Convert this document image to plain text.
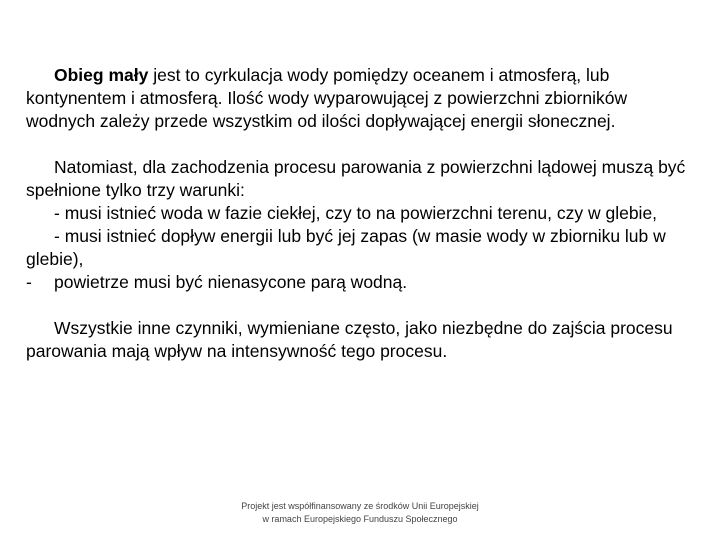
Obieg mały jest to cyrkulacja wody pomiędzy oceanem i atmosferą, lub kontynentem i atmosferą. Ilość wody wyparowującej z powierzchni zbiorników wodnych zależy przede wszystkim od ilości dopływającej energii słonecznej.

Natomiast, dla zachodzenia procesu parowania z powierzchni lądowej muszą być spełnione tylko trzy warunki:
- musi istnieć woda w fazie ciekłej, czy to na powierzchni terenu, czy w glebie,
- musi istnieć dopływ energii lub być jej zapas (w masie wody w zbiorniku lub w glebie),
- powietrze musi być nienasycone parą wodną.

Wszystkie inne czynniki, wymieniane często, jako niezbędne do zajścia procesu parowania mają wpływ na intensywność tego procesu.

Projekt jest współfinansowany ze środków Unii Europejskiej
w ramach Europejskiego Funduszu Społecznego
